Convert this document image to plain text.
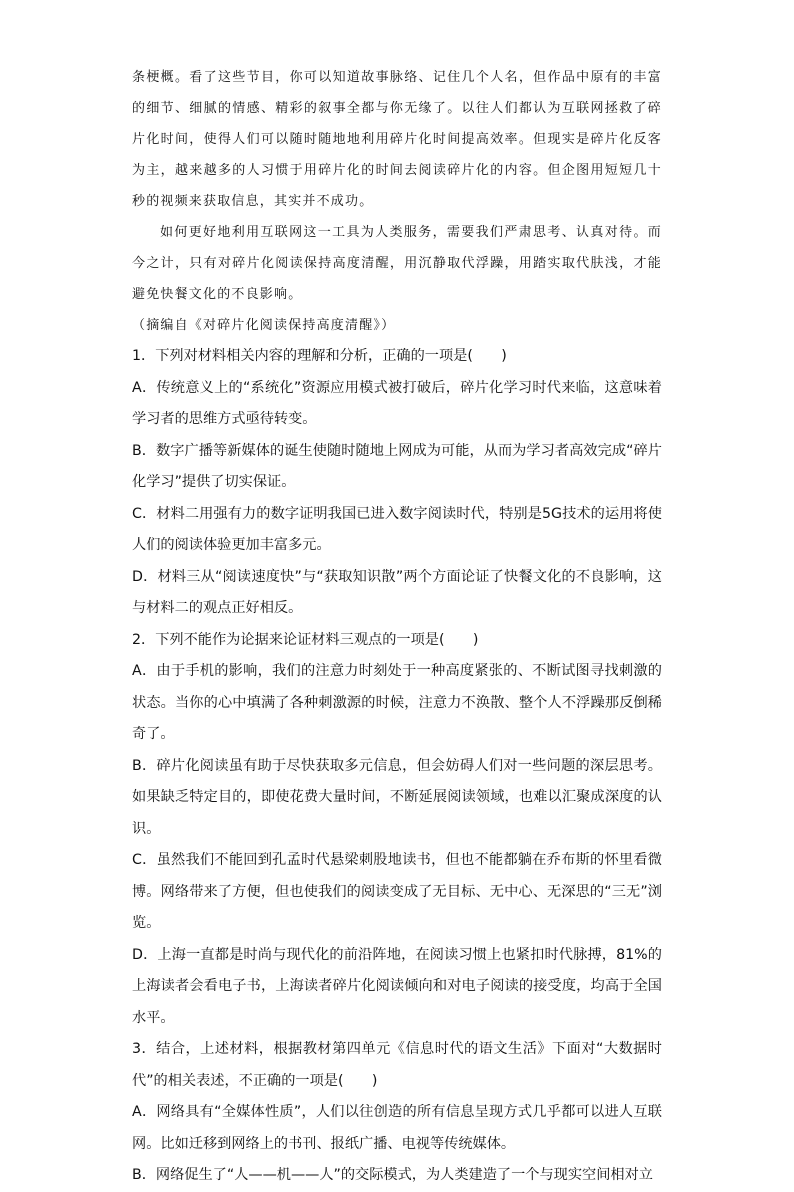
条梗概。看了这些节目，你可以知道故事脉络、记住几个人名，但作品中原有的丰富的细节、细腻的情感、精彩的叙事全都与你无缘了。以往人们都认为互联网拯救了碎片化时间，使得人们可以随时随地地利用碎片化时间提高效率。但现实是碎片化反客为主，越来越多的人习惯于用碎片化的时间去阅读碎片化的内容。但企图用短短几十秒的视频来获取信息，其实并不成功。

如何更好地利用互联网这一工具为人类服务，需要我们严肃思考、认真对待。而今之计，只有对碎片化阅读保持高度清醒，用沉静取代浮躁，用踏实取代肤浅，才能避免快餐文化的不良影响。

（摘编自《对碎片化阅读保持高度清醒》）

1．下列对材料相关内容的理解和分析，正确的一项是(　　)

A．传统意义上的“系统化”资源应用模式被打破后，碎片化学习时代来临，这意味着学习者的思维方式亟待转变。

B．数字广播等新媒体的诞生使随时随地上网成为可能，从而为学习者高效完成“碎片化学习”提供了切实保证。

C．材料二用强有力的数字证明我国已进入数字阅读时代，特别是5G技术的运用将使人们的阅读体验更加丰富多元。

D．材料三从“阅读速度快”与“获取知识散”两个方面论证了快餐文化的不良影响，这与材料二的观点正好相反。

2．下列不能作为论据来论证材料三观点的一项是(　　)

A．由于手机的影响，我们的注意力时刻处于一种高度紧张的、不断试图寻找刺激的状态。当你的心中填满了各种刺激源的时候，注意力不涣散、整个人不浮躁那反倒稀奇了。

B．碎片化阅读虽有助于尽快获取多元信息，但会妨碍人们对一些问题的深层思考。如果缺乏特定目的，即使花费大量时间，不断延展阅读领域，也难以汇聚成深度的认识。

C．虽然我们不能回到孔孟时代悬梁刺股地读书，但也不能都躺在乔布斯的怀里看微博。网络带来了方便，但也使我们的阅读变成了无目标、无中心、无深思的“三无”浏览。

D．上海一直都是时尚与现代化的前沿阵地，在阅读习惯上也紧扣时代脉搏，81%的上海读者会看电子书，上海读者碎片化阅读倾向和对电子阅读的接受度，均高于全国水平。

3．结合，上述材料，根据教材第四单元《信息时代的语文生活》下面对“大数据时代”的相关表述，不正确的一项是(　　)

A．网络具有“全媒体性质”，人们以往创造的所有信息呈现方式几乎都可以进人互联网。比如迁移到网络上的书刊、报纸广播、电视等传统媒体。

B．网络促生了“人——机——人”的交际模式，为人类建造了一个与现实空间相对立
